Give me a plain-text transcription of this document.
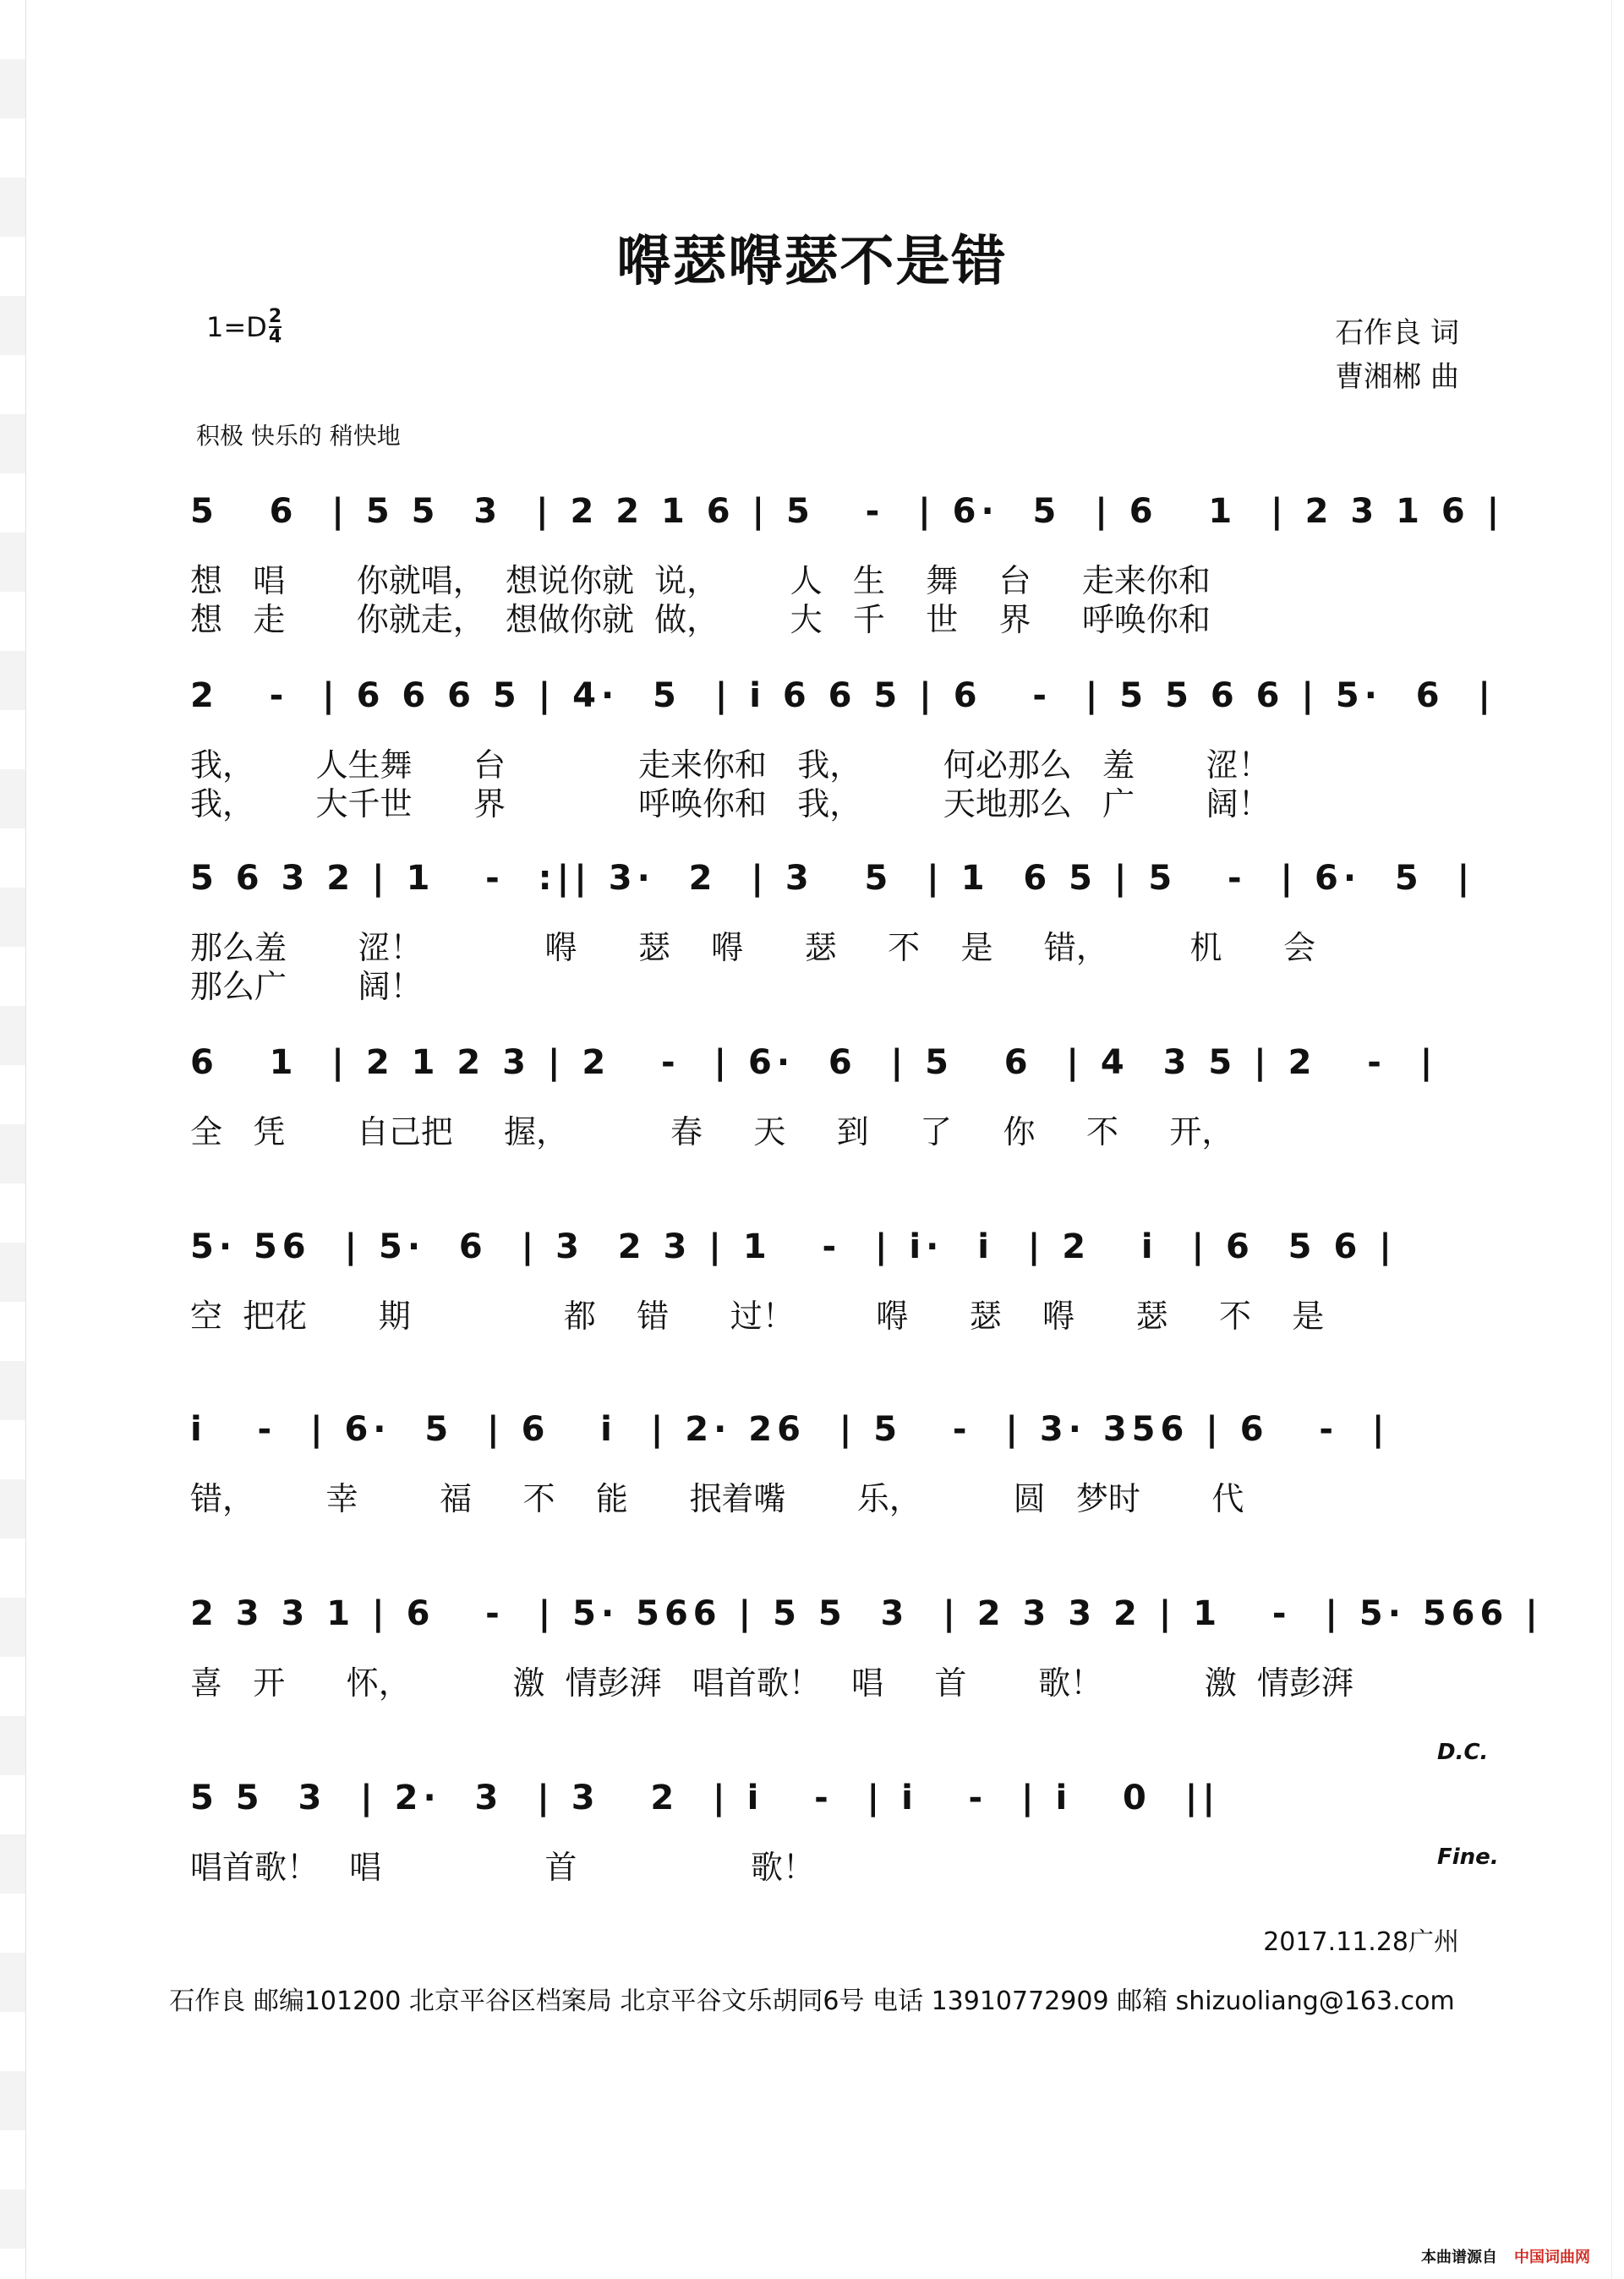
嘚瑟嘚瑟不是错
$1=D \frac{2}{4}$	石作良 词
曹湘郴 曲
积极 快乐的 稍快地
5   6  | 5 5  3  | 2 2 1 6 | 5   -  | 6·  5  | 6   1  | 2 3 1 6 |
想   唱       你就唱，  想说你就  说，       人   生    舞    台     走来你和
想   走       你就走，  想做你就  做，       大   千    世    界     呼唤你和
2   -  | 6 6 6 5 | 4·  5  | i 6 6 5 | 6   -  | 5 5 6 6 | 5·  6  |
我，      人生舞      台             走来你和   我，        何必那么   羞       涩！
我，      大千世      界             呼唤你和   我，        天地那么   广       阔！
5 6 3 2 | 1   -  :|| 3·  2  | 3   5  | 1  6 5 | 5   -  | 6·  5  |
那么羞       涩！            嘚      瑟    嘚      瑟     不    是     错，        机      会
那么广       阔！
6   1  | 2 1 2 3 | 2   -  | 6·  6  | 5   6  | 4  3 5 | 2   -  |
全   凭       自己把     握，          春     天     到     了     你     不     开，
5· 56  | 5·  6  | 3  2 3 | 1   -  | i·  i  | 2   i  | 6  5 6 |
空  把花       期               都    错      过！        嘚      瑟    嘚      瑟     不    是
i   -  | 6·  5  | 6   i  | 2· 26  | 5   -  | 3· 356 | 6   -  |
错，       幸        福     不    能      抿着嘴       乐，         圆   梦时       代
2 3 3 1 | 6   -  | 5· 566 | 5 5  3  | 2 3 3 2 | 1   -  | 5· 566 |
喜   开      怀，          激  情彭湃   唱首歌！   唱     首       歌！          激  情彭湃
5 5  3  | 2·  3  | 3   2  | i   -  | i   -  | i   0  ||
唱首歌！   唱                首                 歌！
D.C.
Fine.
2017.11.28广州
石作良 邮编101200 北京平谷区档案局 北京平谷文乐胡同6号 电话 13910772909 邮箱 shizuoliang@163.com
本曲谱源自 中国词曲网
